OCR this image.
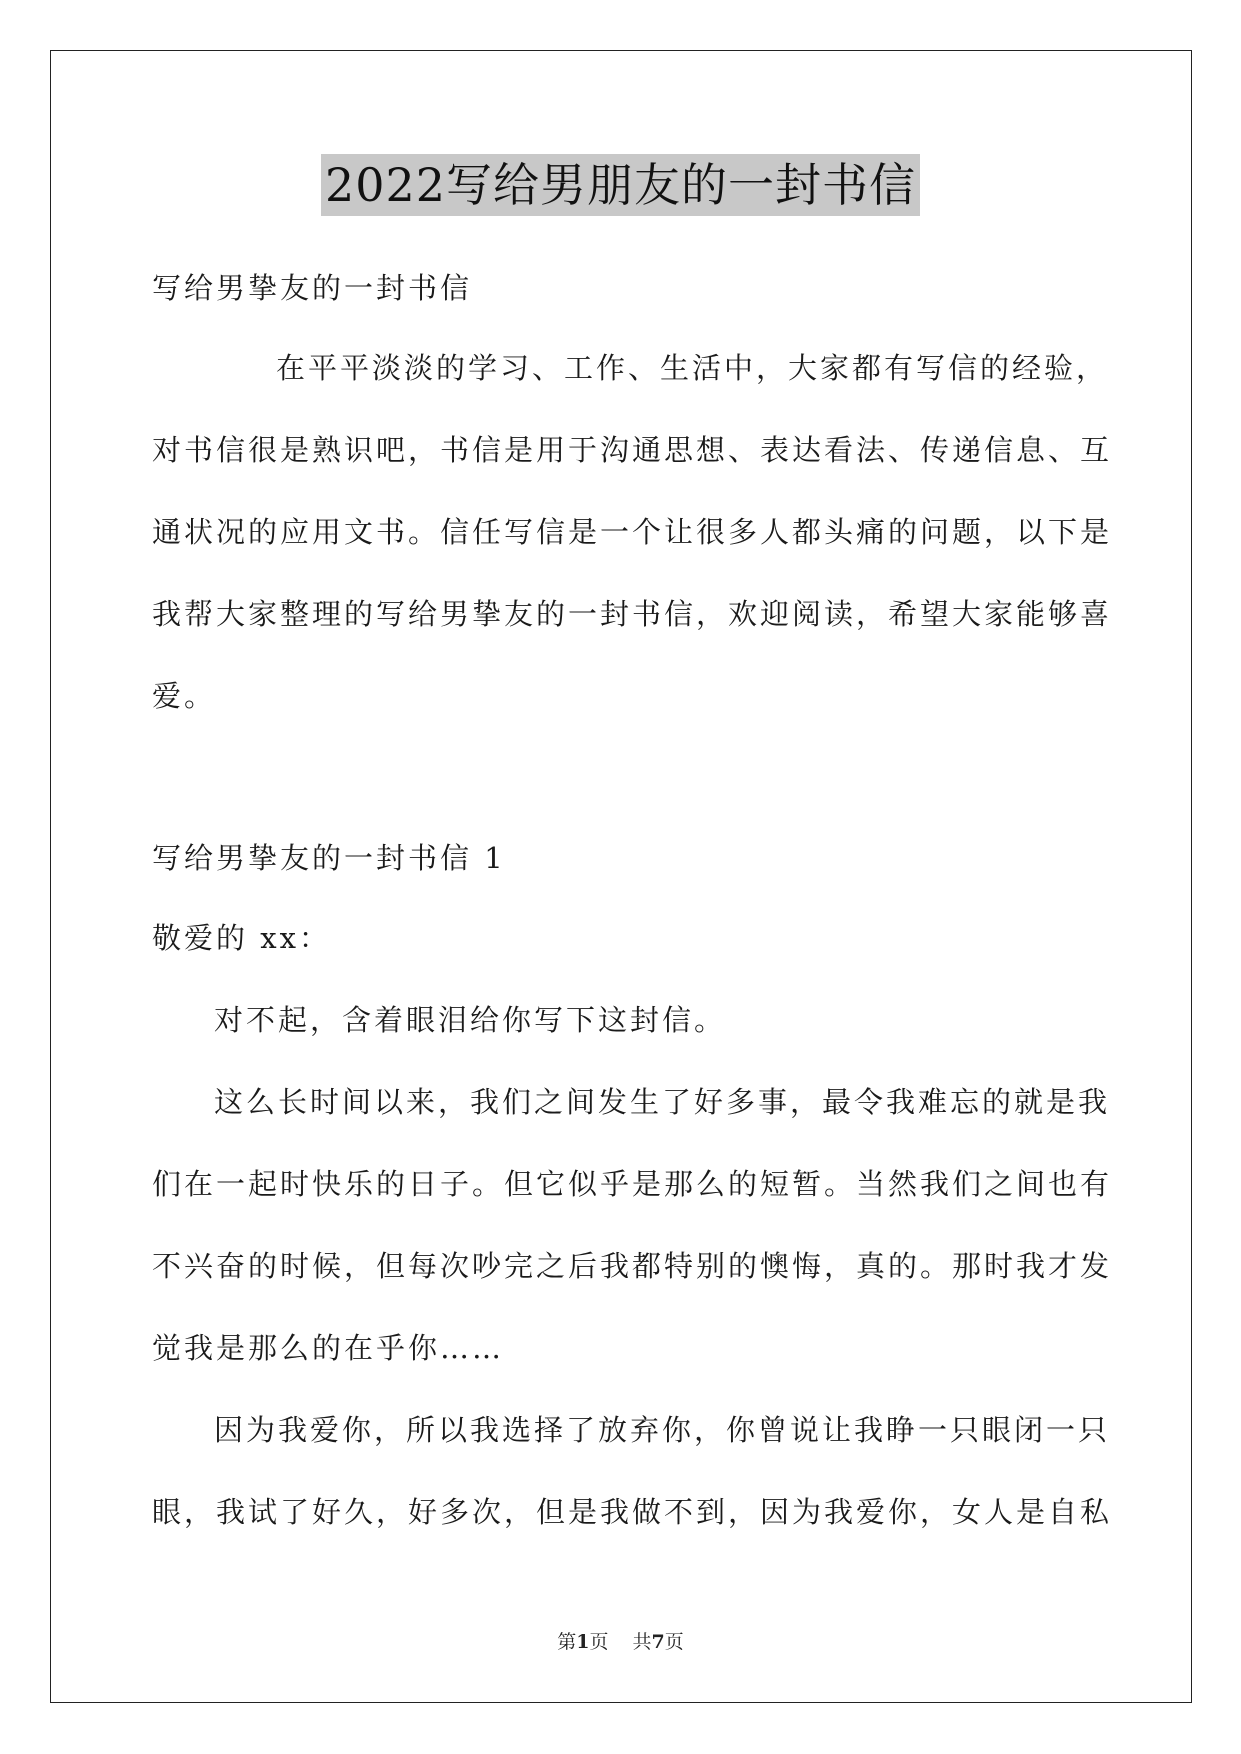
2022写给男朋友的一封书信
写给男挚友的一封书信
在平平淡淡的学习、工作、生活中，大家都有写信的经验，
对书信很是熟识吧，书信是用于沟通思想、表达看法、传递信息、互
通状况的应用文书。信任写信是一个让很多人都头痛的问题，以下是
我帮大家整理的写给男挚友的一封书信，欢迎阅读，希望大家能够喜
爱。
写给男挚友的一封书信 1
敬爱的 xx：
对不起，含着眼泪给你写下这封信。
这么长时间以来，我们之间发生了好多事，最令我难忘的就是我
们在一起时快乐的日子。但它似乎是那么的短暂。当然我们之间也有
不兴奋的时候，但每次吵完之后我都特别的懊悔，真的。那时我才发
觉我是那么的在乎你……
因为我爱你，所以我选择了放弃你，你曾说让我睁一只眼闭一只
眼，我试了好久，好多次，但是我做不到，因为我爱你，女人是自私
第1页 共7页
